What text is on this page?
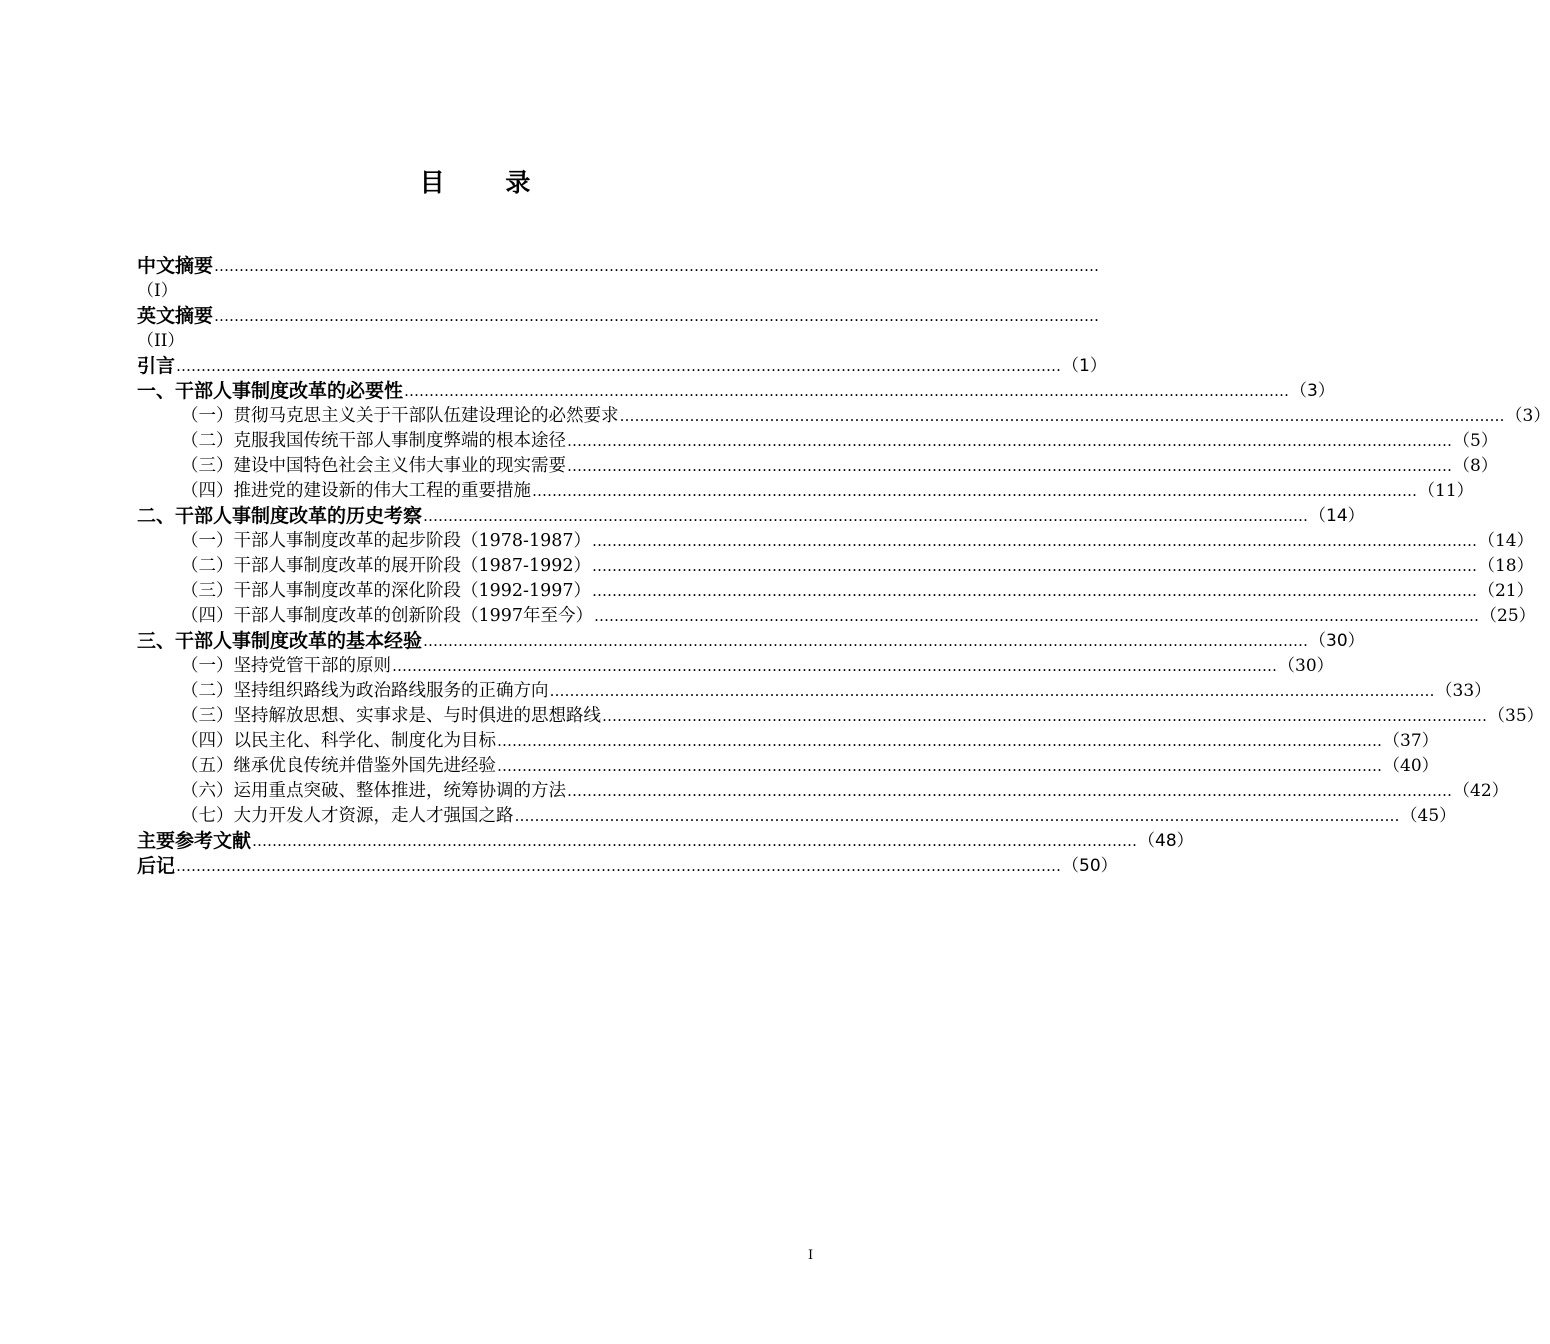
目 录
中文摘要 ……………………………………………………………………………………………………………………………………………………………
（I）
英文摘要 ……………………………………………………………………………………………………………………………………………………………
（II）
引言 …………………………………………………………………………………………………………………………………………………………… （1）
一、干部人事制度改革的必要性 …………………………………………………………………………………………………………………………………………………………… （3）
（一）贯彻马克思主义关于干部队伍建设理论的必然要求 …………………………………………………………………………………………………………………………………………………………… （3）
（二）克服我国传统干部人事制度弊端的根本途径 …………………………………………………………………………………………………………………………………………………………… （5）
（三）建设中国特色社会主义伟大事业的现实需要 …………………………………………………………………………………………………………………………………………………………… （8）
（四）推进党的建设新的伟大工程的重要措施 …………………………………………………………………………………………………………………………………………………………… （11）
二、干部人事制度改革的历史考察 …………………………………………………………………………………………………………………………………………………………… （14）
（一）干部人事制度改革的起步阶段（1978-1987） …………………………………………………………………………………………………………………………………………………………… （14）
（二）干部人事制度改革的展开阶段（1987-1992） …………………………………………………………………………………………………………………………………………………………… （18）
（三）干部人事制度改革的深化阶段（1992-1997） …………………………………………………………………………………………………………………………………………………………… （21）
（四）干部人事制度改革的创新阶段（1997年至今） …………………………………………………………………………………………………………………………………………………………… （25）
三、干部人事制度改革的基本经验 …………………………………………………………………………………………………………………………………………………………… （30）
（一）坚持党管干部的原则 …………………………………………………………………………………………………………………………………………………………… （30）
（二）坚持组织路线为政治路线服务的正确方向 …………………………………………………………………………………………………………………………………………………………… （33）
（三）坚持解放思想、实事求是、与时俱进的思想路线 …………………………………………………………………………………………………………………………………………………………… （35）
（四）以民主化、科学化、制度化为目标 …………………………………………………………………………………………………………………………………………………………… （37）
（五）继承优良传统并借鉴外国先进经验 …………………………………………………………………………………………………………………………………………………………… （40）
（六）运用重点突破、整体推进，统筹协调的方法 …………………………………………………………………………………………………………………………………………………………… （42）
（七）大力开发人才资源，走人才强国之路 …………………………………………………………………………………………………………………………………………………………… （45）
主要参考文献 …………………………………………………………………………………………………………………………………………………………… （48）
后记 …………………………………………………………………………………………………………………………………………………………… （50）
I
